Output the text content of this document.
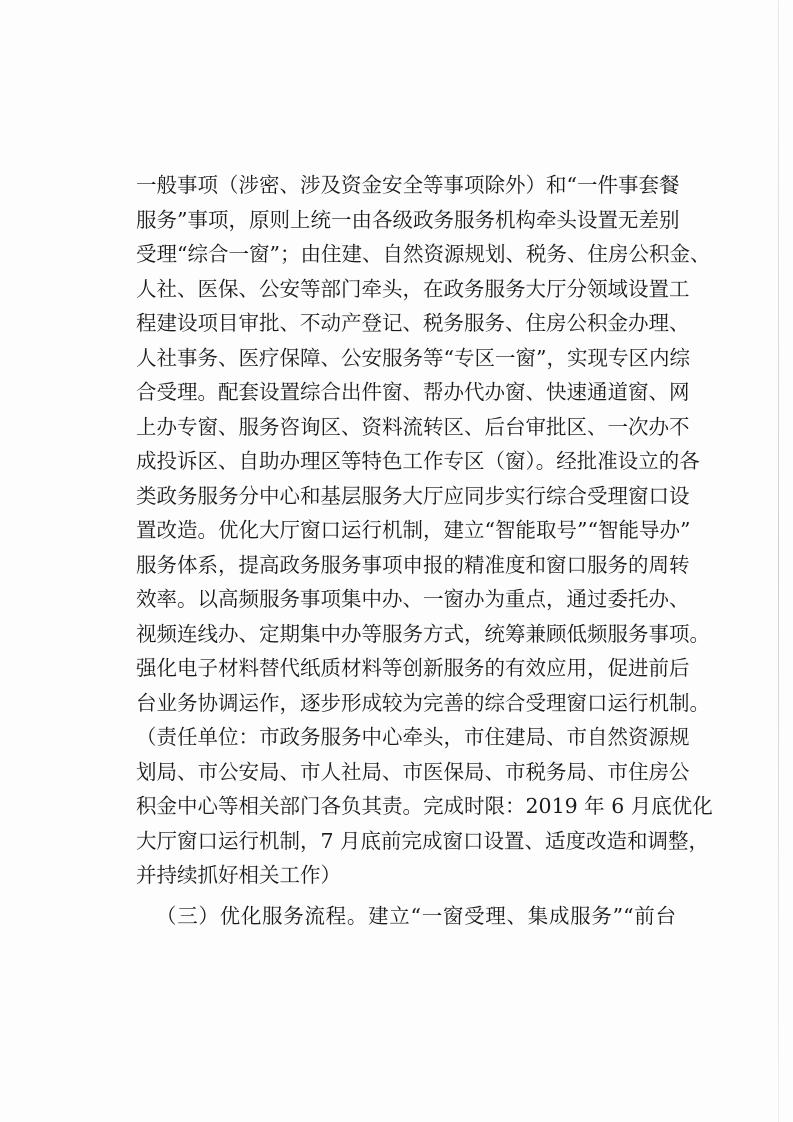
一般事项（涉密、涉及资金安全等事项除外）和“一件事套餐
服务”事项，原则上统一由各级政务服务机构牵头设置无差别
受理“综合一窗”；由住建、自然资源规划、税务、住房公积金、
人社、医保、公安等部门牵头，在政务服务大厅分领域设置工
程建设项目审批、不动产登记、税务服务、住房公积金办理、
人社事务、医疗保障、公安服务等“专区一窗”，实现专区内综
合受理。配套设置综合出件窗、帮办代办窗、快速通道窗、网
上办专窗、服务咨询区、资料流转区、后台审批区、一次办不
成投诉区、自助办理区等特色工作专区（窗）。经批准设立的各
类政务服务分中心和基层服务大厅应同步实行综合受理窗口设
置改造。优化大厅窗口运行机制，建立“智能取号”“智能导办”
服务体系，提高政务服务事项申报的精准度和窗口服务的周转
效率。以高频服务事项集中办、一窗办为重点，通过委托办、
视频连线办、定期集中办等服务方式，统筹兼顾低频服务事项。
强化电子材料替代纸质材料等创新服务的有效应用，促进前后
台业务协调运作，逐步形成较为完善的综合受理窗口运行机制。
（责任单位：市政务服务中心牵头，市住建局、市自然资源规
划局、市公安局、市人社局、市医保局、市税务局、市住房公
积金中心等相关部门各负其责。完成时限：2019 年 6 月底优化
大厅窗口运行机制，7 月底前完成窗口设置、适度改造和调整，
并持续抓好相关工作）
（三）优化服务流程。建立“一窗受理、集成服务”“前台
